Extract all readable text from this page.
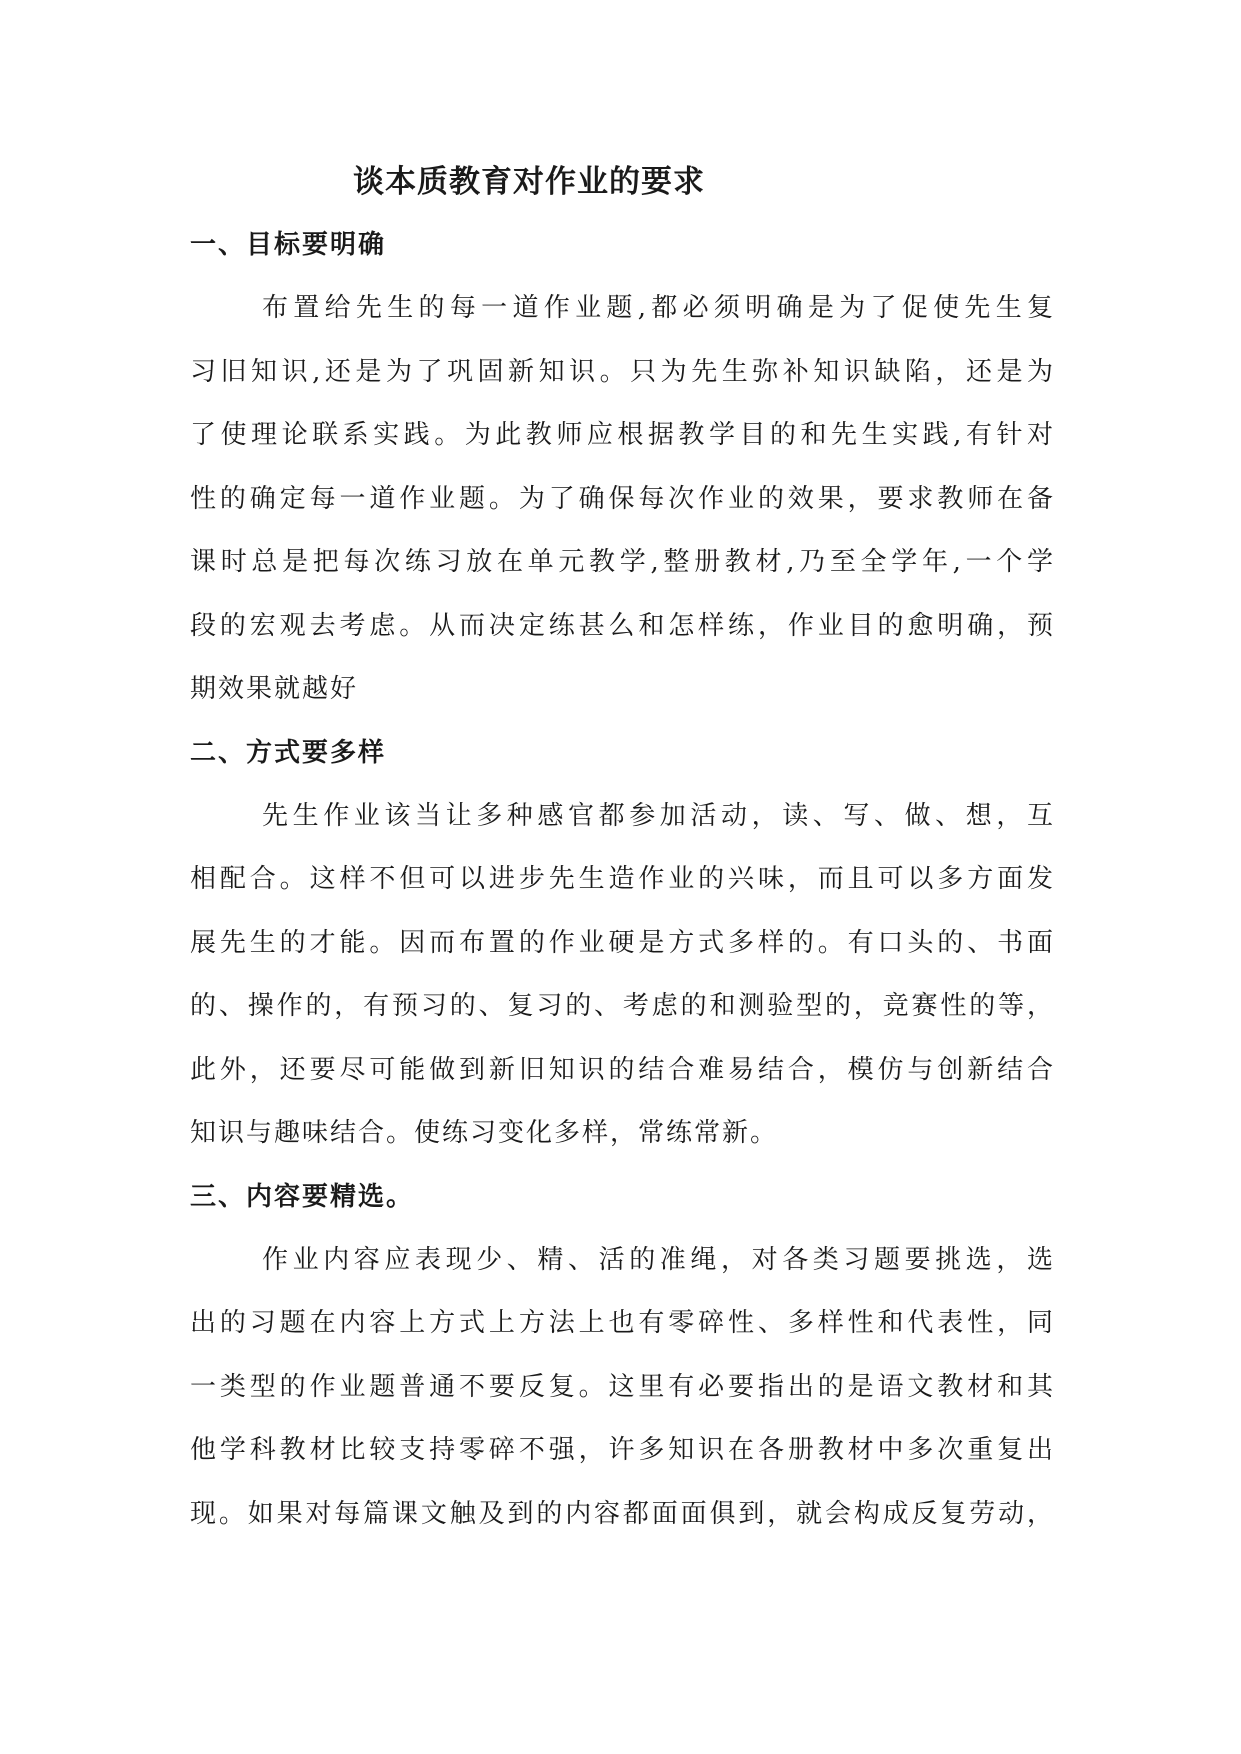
谈本质教育对作业的要求
一、目标要明确
布置给先生的每一道作业题,都必须明确是为了促使先生复
习旧知识,还是为了巩固新知识。只为先生弥补知识缺陷，还是为
了使理论联系实践。为此教师应根据教学目的和先生实践,有针对
性的确定每一道作业题。为了确保每次作业的效果，要求教师在备
课时总是把每次练习放在单元教学,整册教材,乃至全学年,一个学
段的宏观去考虑。从而决定练甚么和怎样练，作业目的愈明确，预
期效果就越好
二、方式要多样
先生作业该当让多种感官都参加活动，读、写、做、想，互
相配合。这样不但可以进步先生造作业的兴味，而且可以多方面发
展先生的才能。因而布置的作业硬是方式多样的。有口头的、书面
的、操作的，有预习的、复习的、考虑的和测验型的，竞赛性的等，
此外，还要尽可能做到新旧知识的结合难易结合，模仿与创新结合
知识与趣味结合。使练习变化多样，常练常新。
三、内容要精选。
作业内容应表现少、精、活的准绳，对各类习题要挑选，选
出的习题在内容上方式上方法上也有零碎性、多样性和代表性，同
一类型的作业题普通不要反复。这里有必要指出的是语文教材和其
他学科教材比较支持零碎不强，许多知识在各册教材中多次重复出
现。如果对每篇课文触及到的内容都面面俱到，就会构成反复劳动，
